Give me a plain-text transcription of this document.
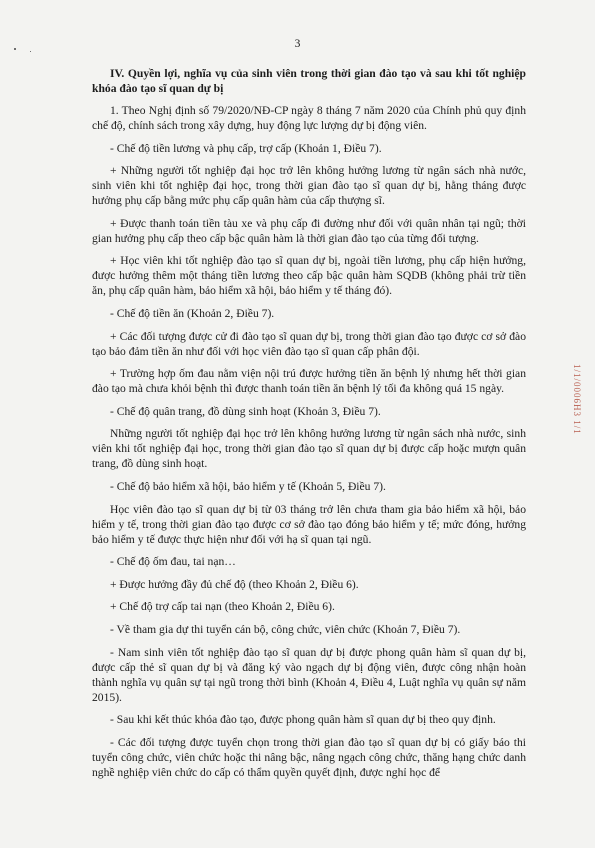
3

IV. Quyền lợi, nghĩa vụ của sinh viên trong thời gian đào tạo và sau khi tốt nghiệp khóa đào tạo sĩ quan dự bị

1. Theo Nghị định số 79/2020/NĐ-CP ngày 8 tháng 7 năm 2020 của Chính phủ quy định chế độ, chính sách trong xây dựng, huy động lực lượng dự bị động viên.

- Chế độ tiền lương và phụ cấp, trợ cấp (Khoản 1, Điều 7).

+ Những người tốt nghiệp đại học trở lên không hưởng lương từ ngân sách nhà nước, sinh viên khi tốt nghiệp đại học, trong thời gian đào tạo sĩ quan dự bị, hằng tháng được hưởng phụ cấp bằng mức phụ cấp quân hàm của cấp thượng sĩ.

+ Được thanh toán tiền tàu xe và phụ cấp đi đường như đối với quân nhân tại ngũ; thời gian hưởng phụ cấp theo cấp bậc quân hàm là thời gian đào tạo của từng đối tượng.

+ Học viên khi tốt nghiệp đào tạo sĩ quan dự bị, ngoài tiền lương, phụ cấp hiện hưởng, được hưởng thêm một tháng tiền lương theo cấp bậc quân hàm SQDB (không phải trừ tiền ăn, phụ cấp quân hàm, bảo hiểm xã hội, bảo hiểm y tế tháng đó).

- Chế độ tiền ăn (Khoản 2, Điều 7).

+ Các đối tượng được cử đi đào tạo sĩ quan dự bị, trong thời gian đào tạo được cơ sở đào tạo bảo đảm tiền ăn như đối với học viên đào tạo sĩ quan cấp phân đội.

+ Trường hợp ốm đau nằm viện nội trú được hưởng tiền ăn bệnh lý nhưng hết thời gian đào tạo mà chưa khỏi bệnh thì được thanh toán tiền ăn bệnh lý tối đa không quá 15 ngày.

- Chế độ quân trang, đồ dùng sinh hoạt (Khoản 3, Điều 7).

Những người tốt nghiệp đại học trở lên không hưởng lương từ ngân sách nhà nước, sinh viên khi tốt nghiệp đại học, trong thời gian đào tạo sĩ quan dự bị được cấp hoặc mượn quân trang, đồ dùng sinh hoạt.

- Chế độ bảo hiểm xã hội, bảo hiểm y tế (Khoản 5, Điều 7).

Học viên đào tạo sĩ quan dự bị từ 03 tháng trở lên chưa tham gia bảo hiểm xã hội, bảo hiểm y tế, trong thời gian đào tạo được cơ sở đào tạo đóng bảo hiểm y tế; mức đóng, hưởng bảo hiểm y tế được thực hiện như đối với hạ sĩ quan tại ngũ.

- Chế độ ốm đau, tai nạn…

+ Được hưởng đầy đủ chế độ (theo Khoản 2, Điều 6).

+ Chế độ trợ cấp tai nạn (theo Khoản 2, Điều 6).

- Về tham gia dự thi tuyển cán bộ, công chức, viên chức (Khoản 7, Điều 7).

- Nam sinh viên tốt nghiệp đào tạo sĩ quan dự bị được phong quân hàm sĩ quan dự bị, được cấp thẻ sĩ quan dự bị và đăng ký vào ngạch dự bị động viên, được công nhận hoàn thành nghĩa vụ quân sự tại ngũ trong thời bình (Khoản 4, Điều 4, Luật nghĩa vụ quân sự năm 2015).

- Sau khi kết thúc khóa đào tạo, được phong quân hàm sĩ quan dự bị theo quy định.

- Các đối tượng được tuyển chọn trong thời gian đào tạo sĩ quan dự bị có giấy báo thi tuyển công chức, viên chức hoặc thi nâng bậc, nâng ngạch công chức, thăng hạng chức danh nghề nghiệp viên chức do cấp có thẩm quyền quyết định, được nghỉ học để

1/1/0006H3 1/1
